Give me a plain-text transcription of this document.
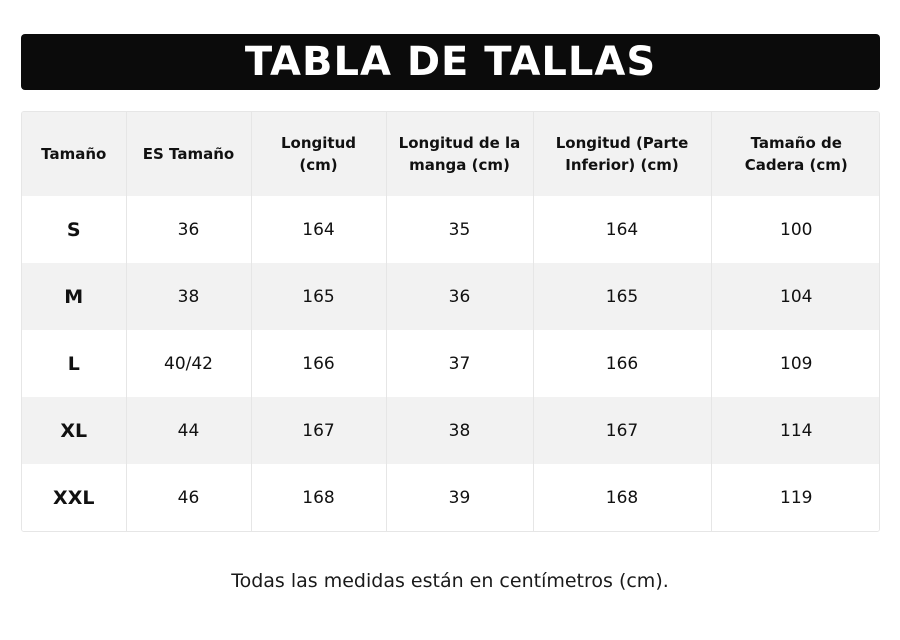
TABLA DE TALLAS
Tamaño	ES Tamaño	Longitud (cm)	Longitud de la manga (cm)	Longitud (Parte Inferior) (cm)	Tamaño de Cadera (cm)
S	36	164	35	164	100
M	38	165	36	165	104
L	40/42	166	37	166	109
XL	44	167	38	167	114
XXL	46	168	39	168	119
Todas las medidas están en centímetros (cm).
